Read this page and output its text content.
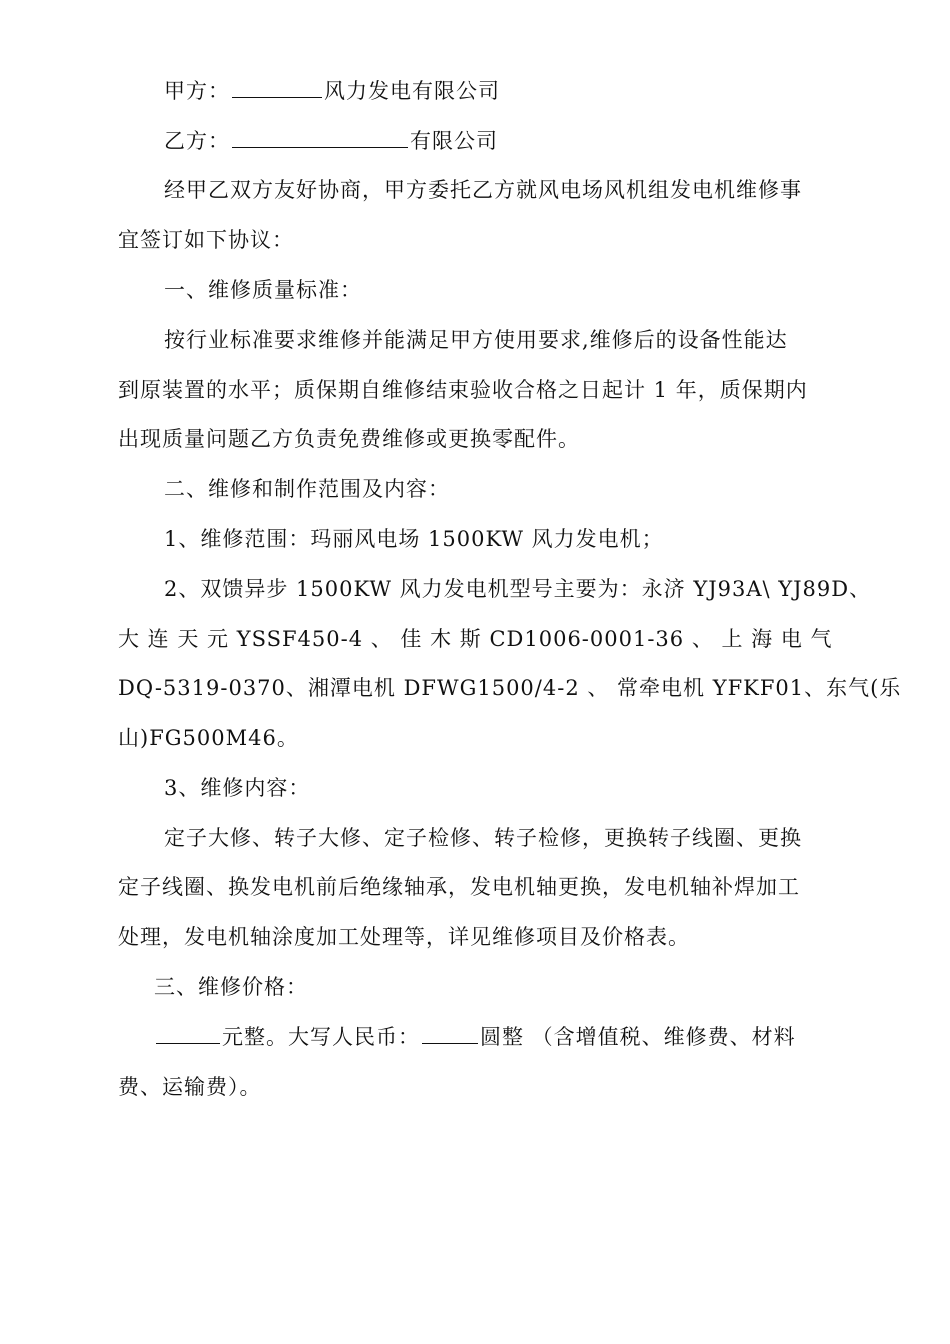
甲方：	风力发电有限公司
乙方：	有限公司
经甲乙双方友好协商，甲方委托乙方就风电场风机组发电机维修事
宜签订如下协议：
一、维修质量标准：
按行业标准要求维修并能满足甲方使用要求,维修后的设备性能达
到原装置的水平；质保期自维修结束验收合格之日起计 1 年，质保期内
出现质量问题乙方负责免费维修或更换零配件。
二、维修和制作范围及内容：
1、维修范围：玛丽风电场 1500KW 风力发电机；
2、双馈异步 1500KW 风力发电机型号主要为：永济 YJ93A\ YJ89D、
大 连 天 元 YSSF450-4 、 佳 木 斯 CD1006-0001-36 、 上 海 电 气
DQ-5319-0370、湘潭电机 DFWG1500/4-2 、 常牵电机 YFKF01、东气(乐
山)FG500M46。
3、维修内容：
定子大修、转子大修、定子检修、转子检修，更换转子线圈、更换
定子线圈、换发电机前后绝缘轴承，发电机轴更换，发电机轴补焊加工
处理，发电机轴涂度加工处理等，详见维修项目及价格表。
三、维修价格：
元整。大写人民币：	圆整 （含增值税、维修费、材料
费、运输费）。
